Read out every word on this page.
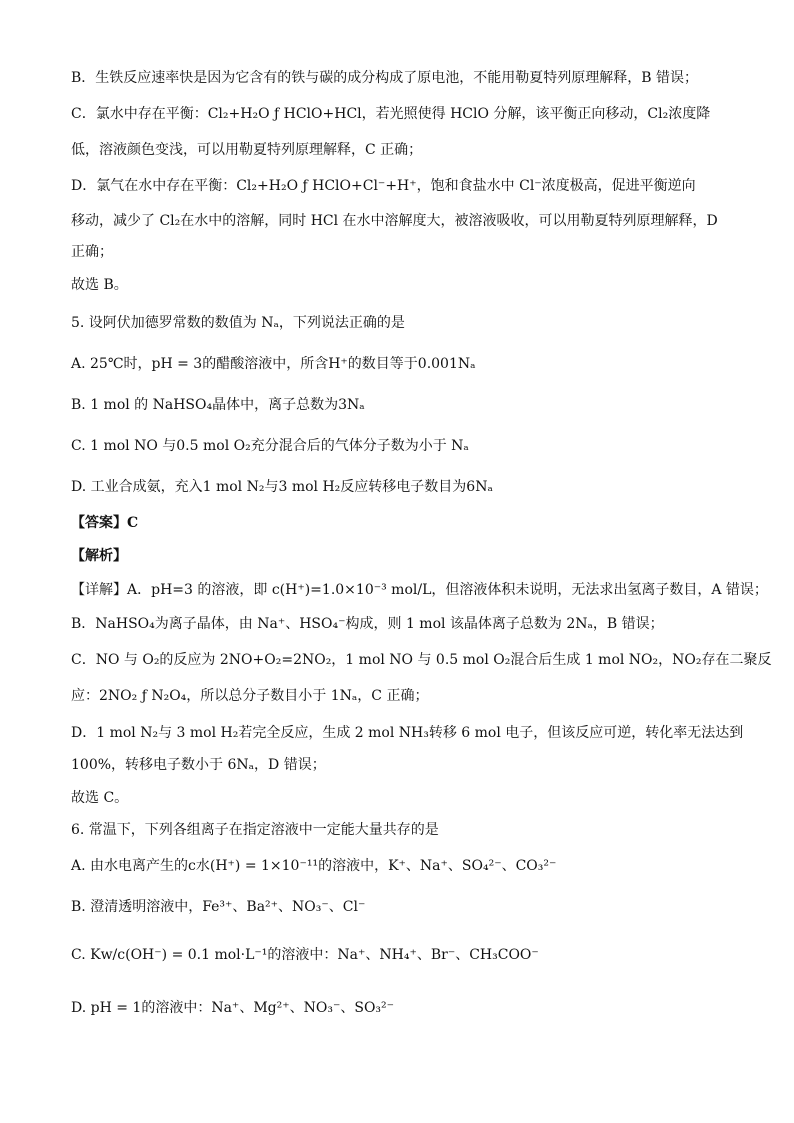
B．生铁反应速率快是因为它含有的铁与碳的成分构成了原电池，不能用勒夏特列原理解释，B 错误；
C．氯水中存在平衡：Cl₂+H₂O ƒ HClO+HCl，若光照使得 HClO 分解，该平衡正向移动，Cl₂浓度降
低，溶液颜色变浅，可以用勒夏特列原理解释，C 正确；
D．氯气在水中存在平衡：Cl₂+H₂O ƒ HClO+Cl⁻+H⁺，饱和食盐水中 Cl⁻浓度极高，促进平衡逆向
移动，减少了 Cl₂在水中的溶解，同时 HCl 在水中溶解度大，被溶液吸收，可以用勒夏特列原理解释，D
正确；
故选 B。
5. 设阿伏加德罗常数的数值为 Nₐ，下列说法正确的是
A. 25℃时，pH = 3的醋酸溶液中，所含H⁺的数目等于0.001Nₐ
B. 1 mol 的 NaHSO₄晶体中，离子总数为3Nₐ
C. 1 mol NO 与0.5 mol O₂充分混合后的气体分子数为小于 Nₐ
D. 工业合成氨，充入1 mol N₂与3 mol H₂反应转移电子数目为6Nₐ
【答案】C
【解析】
【详解】A．pH=3 的溶液，即 c(H⁺)=1.0×10⁻³ mol/L，但溶液体积未说明，无法求出氢离子数目，A 错误；
B．NaHSO₄为离子晶体，由 Na⁺、HSO₄⁻构成，则 1 mol 该晶体离子总数为 2Nₐ，B 错误；
C．NO 与 O₂的反应为 2NO+O₂=2NO₂，1 mol NO 与 0.5 mol O₂混合后生成 1 mol NO₂，NO₂存在二聚反
应：2NO₂ ƒ N₂O₄，所以总分子数目小于 1Nₐ，C 正确；
D．1 mol N₂与 3 mol H₂若完全反应，生成 2 mol NH₃转移 6 mol 电子，但该反应可逆，转化率无法达到
100%，转移电子数小于 6Nₐ，D 错误；
故选 C。
6. 常温下，下列各组离子在指定溶液中一定能大量共存的是
A. 由水电离产生的c水(H⁺) = 1×10⁻¹¹的溶液中，K⁺、Na⁺、SO₄²⁻、CO₃²⁻
B. 澄清透明溶液中，Fe³⁺、Ba²⁺、NO₃⁻、Cl⁻
C. Kw/c(OH⁻) = 0.1 mol·L⁻¹的溶液中：Na⁺、NH₄⁺、Br⁻、CH₃COO⁻
D. pH = 1的溶液中：Na⁺、Mg²⁺、NO₃⁻、SO₃²⁻
